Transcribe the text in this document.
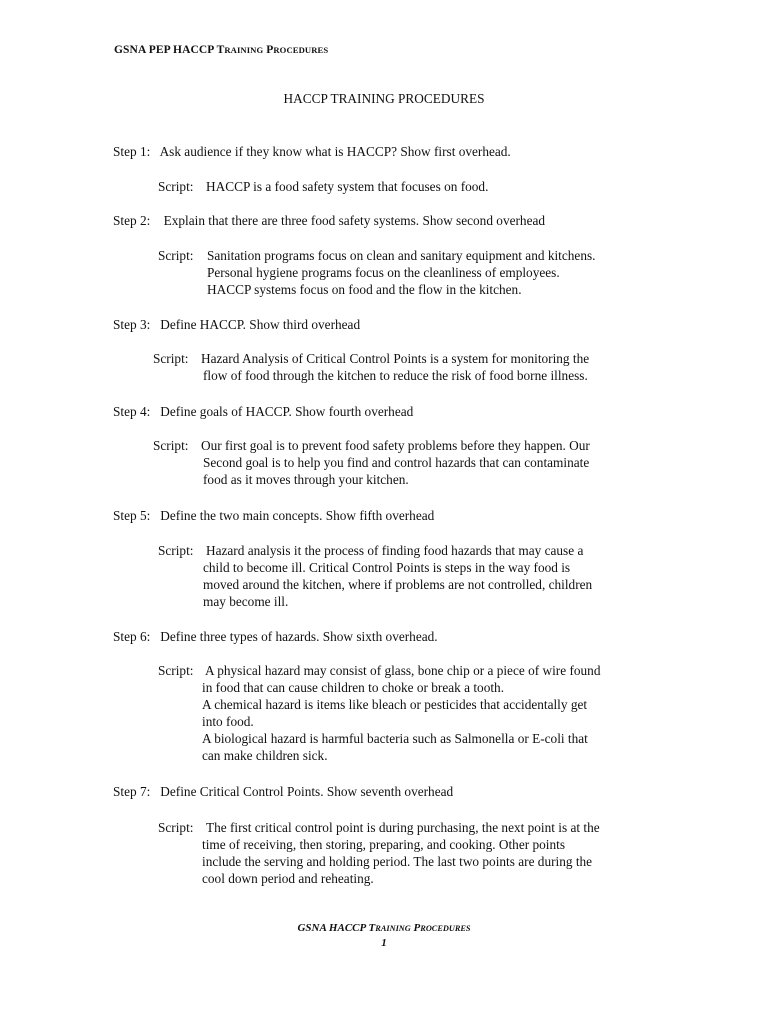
GSNA PEP HACCP TRAINING PROCEDURES
HACCP TRAINING PROCEDURES
Step 1: Ask audience if they know what is HACCP? Show first overhead.
Script: HACCP is a food safety system that focuses on food.
Step 2: Explain that there are three food safety systems. Show second overhead
Script: Sanitation programs focus on clean and sanitary equipment and kitchens.
Personal hygiene programs focus on the cleanliness of employees.
HACCP systems focus on food and the flow in the kitchen.
Step 3: Define HACCP. Show third overhead
Script: Hazard Analysis of Critical Control Points is a system for monitoring the
flow of food through the kitchen to reduce the risk of food borne illness.
Step 4: Define goals of HACCP. Show fourth overhead
Script: Our first goal is to prevent food safety problems before they happen. Our
Second goal is to help you find and control hazards that can contaminate
food as it moves through your kitchen.
Step 5: Define the two main concepts. Show fifth overhead
Script: Hazard analysis it the process of finding food hazards that may cause a
child to become ill. Critical Control Points is steps in the way food is
moved around the kitchen, where if problems are not controlled, children
may become ill.
Step 6: Define three types of hazards. Show sixth overhead.
Script: A physical hazard may consist of glass, bone chip or a piece of wire found
in food that can cause children to choke or break a tooth.
A chemical hazard is items like bleach or pesticides that accidentally get
into food.
A biological hazard is harmful bacteria such as Salmonella or E-coli that
can make children sick.
Step 7: Define Critical Control Points. Show seventh overhead
Script: The first critical control point is during purchasing, the next point is at the
time of receiving, then storing, preparing, and cooking. Other points
include the serving and holding period. The last two points are during the
cool down period and reheating.
GSNA HACCP TRAINING PROCEDURES
1
